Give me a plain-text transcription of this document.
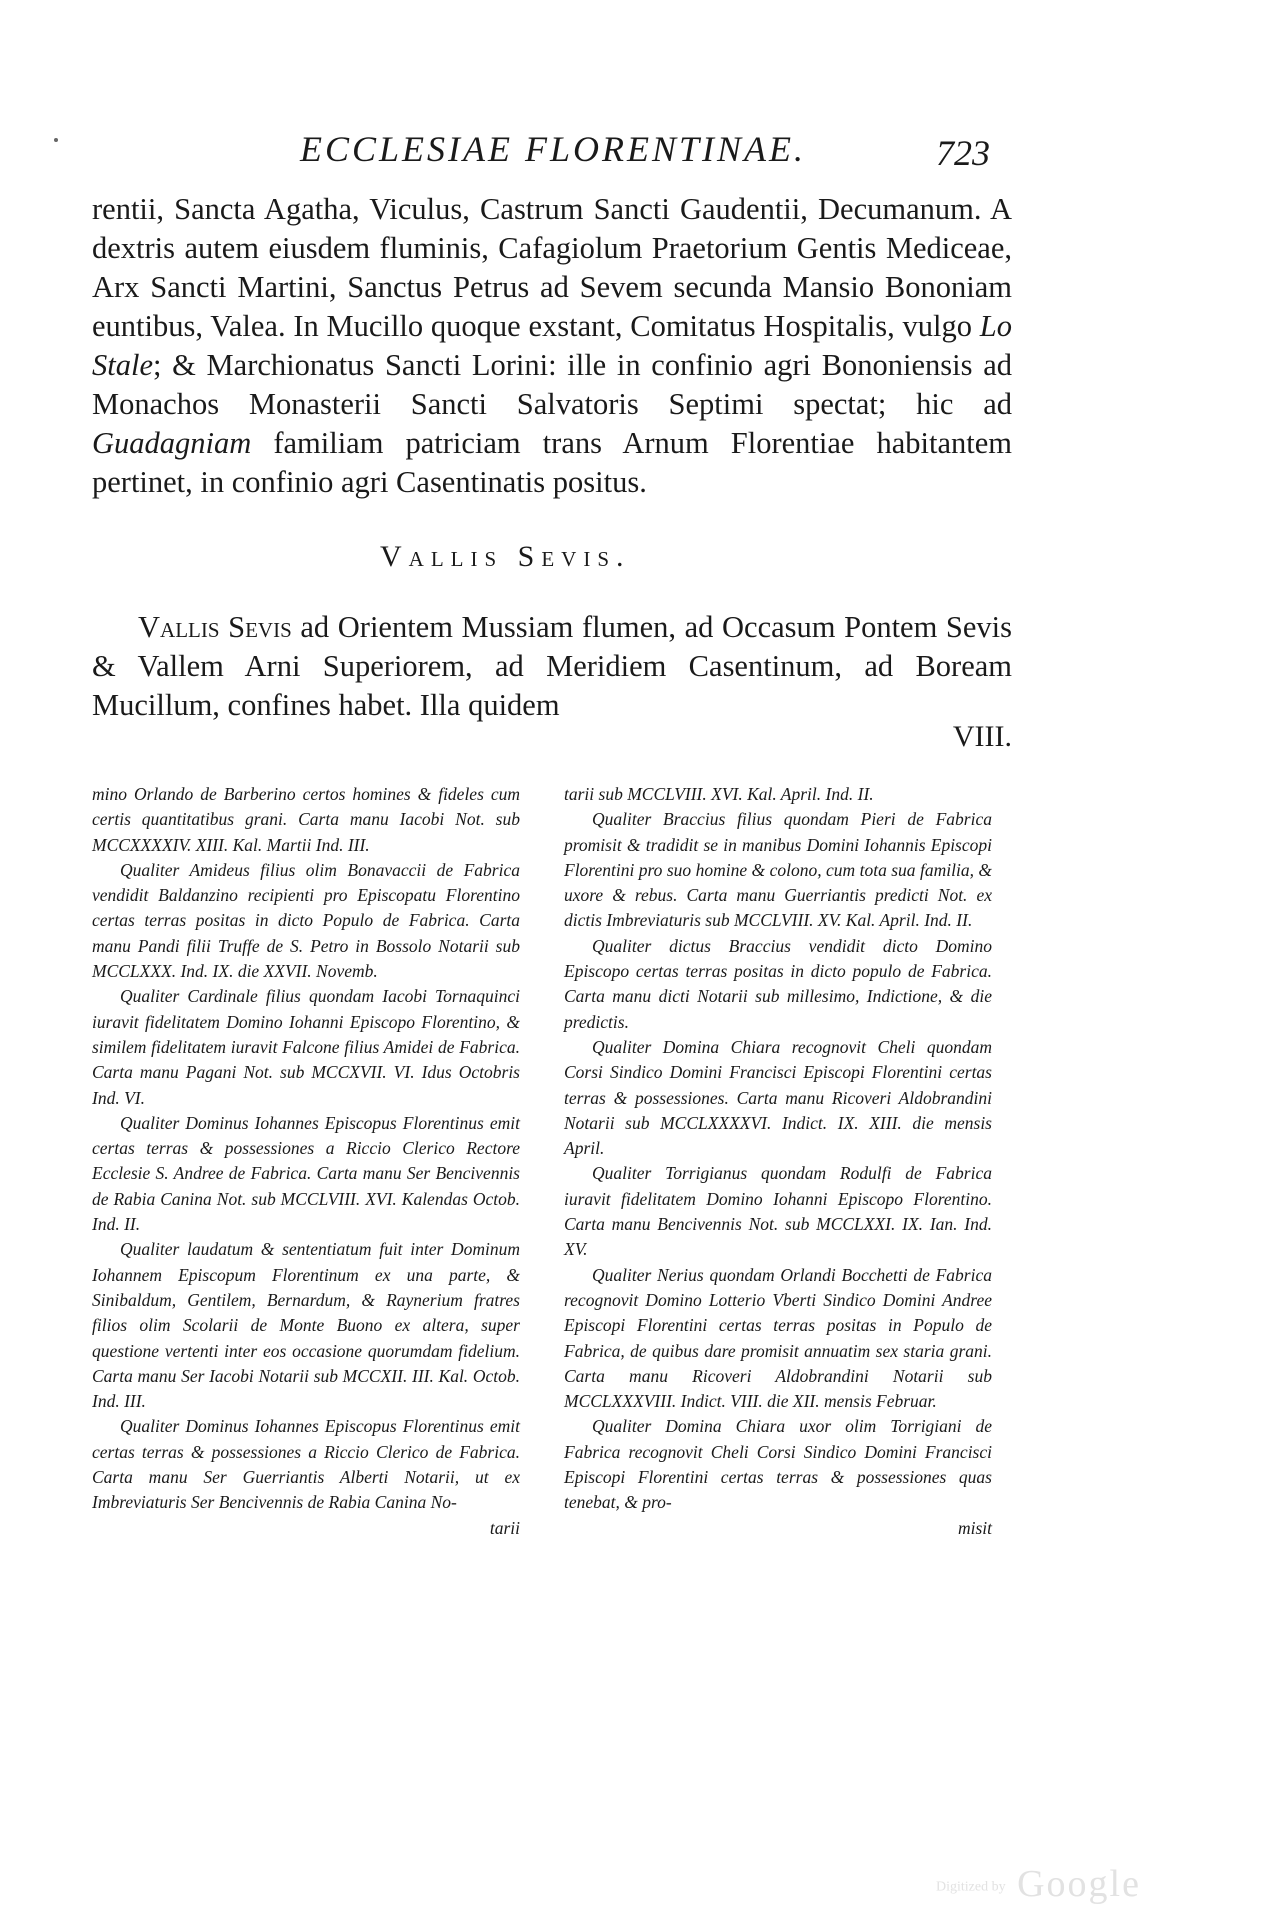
ECCLESIAE FLORENTINAE.	723

rentii, Sancta Agatha, Viculus, Castrum Sancti Gaudentii, Decumanum. A dextris autem eiusdem fluminis, Cafagiolum Praetorium Gentis Mediceae, Arx Sancti Martini, Sanctus Petrus ad Sevem secunda Mansio Bononiam euntibus, Valea. In Mucillo quoque exstant, Comitatus Hospitalis, vulgo Lo Stale; & Marchionatus Sancti Lorini: ille in confinio agri Bononiensis ad Monachos Monasterii Sancti Salvatoris Septimi spectat; hic ad Guadagniam familiam patriciam trans Arnum Florentiae habitantem pertinet, in confinio agri Casentinatis positus.

Vallis Sevis.

Vallis Sevis ad Orientem Mussiam flumen, ad Occasum Pontem Sevis & Vallem Arni Superiorem, ad Meridiem Casentinum, ad Boream Mucillum, confines habet. Illa quidem

VIII.

mino Orlando de Barberino certos homines & fideles cum certis quantitatibus grani. Carta manu Iacobi Not. sub MCCXXXXIV. XIII. Kal. Martii Ind. III.

Qualiter Amideus filius olim Bonavaccii de Fabrica vendidit Baldanzino recipienti pro Episcopatu Florentino certas terras positas in dicto Populo de Fabrica. Carta manu Pandi filii Truffe de S. Petro in Bossolo Notarii sub MCCLXXX. Ind. IX. die XXVII. Novemb.

Qualiter Cardinale filius quondam Iacobi Tornaquinci iuravit fidelitatem Domino Iohanni Episcopo Florentino, & similem fidelitatem iuravit Falcone filius Amidei de Fabrica. Carta manu Pagani Not. sub MCCXVII. VI. Idus Octobris Ind. VI.

Qualiter Dominus Iohannes Episcopus Florentinus emit certas terras & possessiones a Riccio Clerico Rectore Ecclesie S. Andree de Fabrica. Carta manu Ser Bencivennis de Rabia Canina Not. sub MCCLVIII. XVI. Kalendas Octob. Ind. II.

Qualiter laudatum & sententiatum fuit inter Dominum Iohannem Episcopum Florentinum ex una parte, & Sinibaldum, Gentilem, Bernardum, & Raynerium fratres filios olim Scolarii de Monte Buono ex altera, super questione vertenti inter eos occasione quorumdam fidelium. Carta manu Ser Iacobi Notarii sub MCCXII. III. Kal. Octob. Ind. III.

Qualiter Dominus Iohannes Episcopus Florentinus emit certas terras & possessiones a Riccio Clerico de Fabrica. Carta manu Ser Guerriantis Alberti Notarii, ut ex Imbreviaturis Ser Bencivennis de Rabia Canina No-

tarii

tarii sub MCCLVIII. XVI. Kal. April. Ind. II.

Qualiter Braccius filius quondam Pieri de Fabrica promisit & tradidit se in manibus Domini Iohannis Episcopi Florentini pro suo homine & colono, cum tota sua familia, & uxore & rebus. Carta manu Guerriantis predicti Not. ex dictis Imbreviaturis sub MCCLVIII. XV. Kal. April. Ind. II.

Qualiter dictus Braccius vendidit dicto Domino Episcopo certas terras positas in dicto populo de Fabrica. Carta manu dicti Notarii sub millesimo, Indictione, & die predictis.

Qualiter Domina Chiara recognovit Cheli quondam Corsi Sindico Domini Francisci Episcopi Florentini certas terras & possessiones. Carta manu Ricoveri Aldobrandini Notarii sub MCCLXXXXVI. Indict. IX. XIII. die mensis April.

Qualiter Torrigianus quondam Rodulfi de Fabrica iuravit fidelitatem Domino Iohanni Episcopo Florentino. Carta manu Bencivennis Not. sub MCCLXXI. IX. Ian. Ind. XV.

Qualiter Nerius quondam Orlandi Bocchetti de Fabrica recognovit Domino Lotterio Vberti Sindico Domini Andree Episcopi Florentini certas terras positas in Populo de Fabrica, de quibus dare promisit annuatim sex staria grani. Carta manu Ricoveri Aldobrandini Notarii sub MCCLXXXVIII. Indict. VIII. die XII. mensis Februar.

Qualiter Domina Chiara uxor olim Torrigiani de Fabrica recognovit Cheli Corsi Sindico Domini Francisci Episcopi Florentini certas terras & possessiones quas tenebat, & pro-

misit
Digitized by Google
